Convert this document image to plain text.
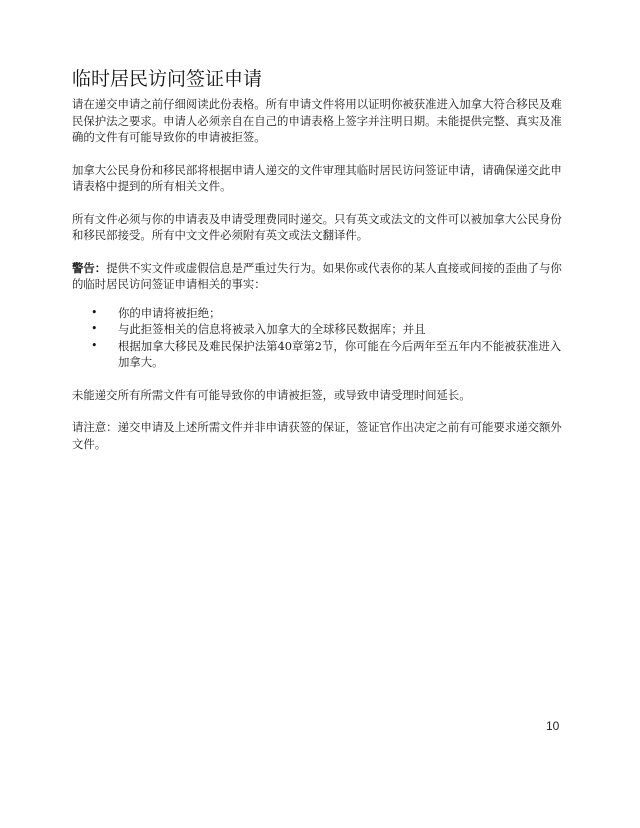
临时居民访问签证申请

请在递交申请之前仔细阅读此份表格。所有申请文件将用以证明你被获准进入加拿大符合移民及难民保护法之要求。申请人必须亲自在自己的申请表格上签字并注明日期。未能提供完整、真实及准确的文件有可能导致你的申请被拒签。

加拿大公民身份和移民部将根据申请人递交的文件审理其临时居民访问签证申请，请确保递交此申请表格中提到的所有相关文件。

所有文件必须与你的申请表及申请受理费同时递交。只有英文或法文的文件可以被加拿大公民身份和移民部接受。所有中文文件必须附有英文或法文翻译件。

警告：提供不实文件或虚假信息是严重过失行为。如果你或代表你的某人直接或间接的歪曲了与你的临时居民访问签证申请相关的事实：

• 你的申请将被拒绝；
• 与此拒签相关的信息将被录入加拿大的全球移民数据库；并且
• 根据加拿大移民及难民保护法第40章第2节，你可能在今后两年至五年内不能被获准进入加拿大。

未能递交所有所需文件有可能导致你的申请被拒签，或导致申请受理时间延长。

请注意：递交申请及上述所需文件并非申请获签的保证，签证官作出决定之前有可能要求递交额外文件。

10
